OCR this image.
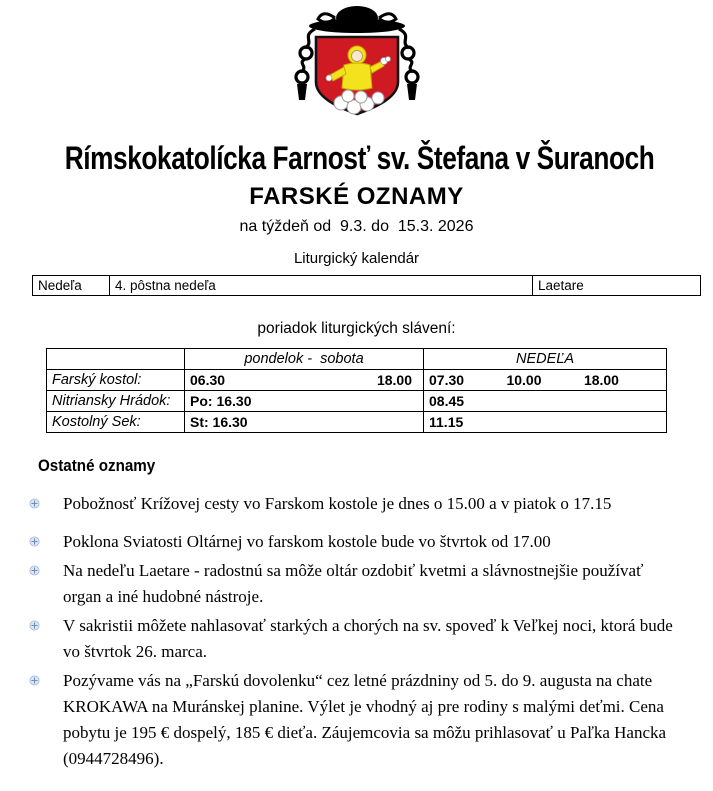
Rímskokatolícka Farnosť sv. Štefana v Šuranoch
FARSKÉ OZNAMY
na týždeň od  9.3. do  15.3. 2026
Liturgický kalendár
Nedeľa	4. pôstna nedeľa	Laetare
poriadok liturgických slávení:
	pondelok -  sobota	NEDEĽA
Farský kostol:	06.30 18.00	07.30 10.00 18.00

Nitriansky Hrádok:	Po: 16.30	08.45
Kostolný Sek:	St: 16.30	11.15
Ostatné oznamy
Pobožnosť Krížovej cesty vo Farskom kostole je dnes o 15.00 a v piatok o 17.15
Poklona Sviatosti Oltárnej vo farskom kostole bude vo štvrtok od 17.00
Na nedeľu Laetare - radostnú sa môže oltár ozdobiť kvetmi a slávnostnejšie používať organ a iné hudobné nástroje.
V sakristii môžete nahlasovať starkých a chorých na sv. spoveď k Veľkej noci, ktorá bude vo štvrtok 26. marca.
Pozývame vás na „Farskú dovolenku“ cez letné prázdniny od 5. do 9. augusta na chate KROKAWA na Muránskej planine. Výlet je vhodný aj pre rodiny s malými deťmi. Cena pobytu je 195 € dospelý, 185 € dieťa. Záujemcovia sa môžu prihlasovať u Paľka Hancka (0944728496).
